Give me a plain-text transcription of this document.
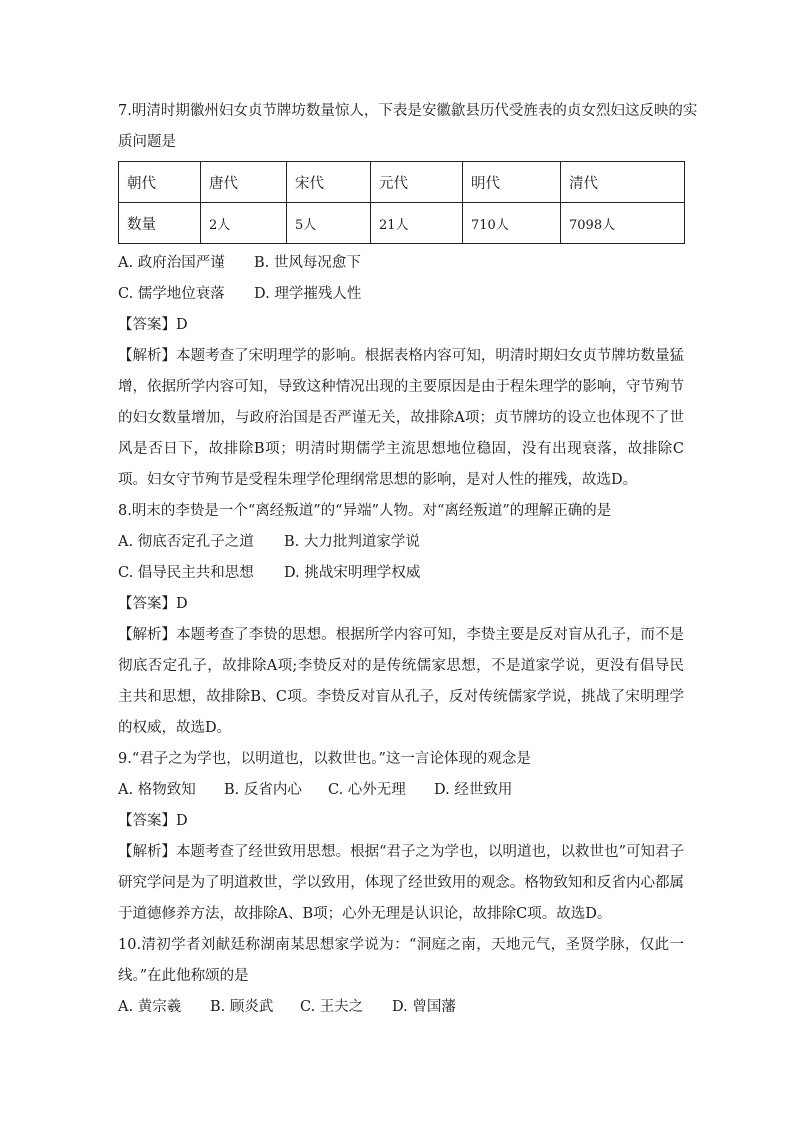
7.明清时期徽州妇女贞节牌坊数量惊人，下表是安徽歙县历代受旌表的贞女烈妇这反映的实
质问题是
朝代	唐代	宋代	元代	明代	清代
数量	2人	5人	21人	710人	7098人
A. 政府治国严谨 B. 世风每况愈下
C. 儒学地位衰落 D. 理学摧残人性
【答案】D
【解析】本题考查了宋明理学的影响。根据表格内容可知，明清时期妇女贞节牌坊数量猛增，依据所学内容可知，导致这种情况出现的主要原因是由于程朱理学的影响，守节殉节的妇女数量增加，与政府治国是否严谨无关，故排除A项；贞节牌坊的设立也体现不了世风是否日下，故排除B项；明清时期儒学主流思想地位稳固，没有出现衰落，故排除C项。妇女守节殉节是受程朱理学伦理纲常思想的影响，是对人性的摧残，故选D。
8.明末的李贽是一个“离经叛道”的“异端”人物。对“离经叛道”的理解正确的是
A. 彻底否定孔子之道 B. 大力批判道家学说
C. 倡导民主共和思想 D. 挑战宋明理学权威
【答案】D
【解析】本题考查了李贽的思想。根据所学内容可知，李贽主要是反对盲从孔子，而不是彻底否定孔子，故排除A项;李贽反对的是传统儒家思想，不是道家学说，更没有倡导民主共和思想，故排除B、C项。李贽反对盲从孔子，反对传统儒家学说，挑战了宋明理学的权威，故选D。
9.“君子之为学也，以明道也，以救世也。”这一言论体现的观念是
A. 格物致知 B. 反省内心 C. 心外无理 D. 经世致用
【答案】D
【解析】本题考查了经世致用思想。根据“君子之为学也，以明道也，以救世也”可知君子研究学问是为了明道救世，学以致用，体现了经世致用的观念。格物致知和反省内心都属于道德修养方法，故排除A、B项；心外无理是认识论，故排除C项。故选D。
10.清初学者刘献廷称湖南某思想家学说为：“洞庭之南，天地元气，圣贤学脉，仅此一线。”在此他称颂的是
A. 黄宗羲 B. 顾炎武 C. 王夫之 D. 曾国藩
